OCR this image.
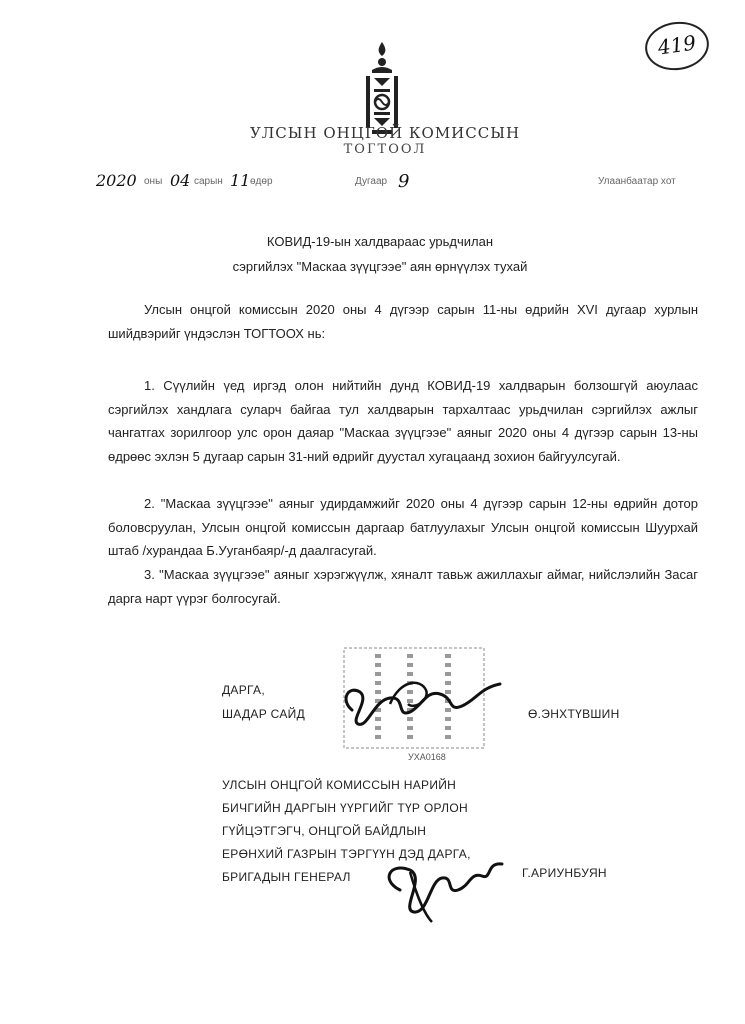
419
УЛСЫН ОНЦГОЙ КОМИССЫН
ТОГТООЛ
2020 оны 04 сарын 11 өдөр	Дугаар 9	Улаанбаатар хот
КОВИД-19-ын халдвараас урьдчилан
сэргийлэх "Маскаа зүүцгээе" аян өрнүүлэх тухай
Улсын онцгой комиссын 2020 оны 4 дүгээр сарын 11-ны өдрийн XVI дугаар хурлын шийдвэрийг үндэслэн ТОГТООХ нь:
1. Сүүлийн үед иргэд олон нийтийн дунд КОВИД-19 халдварын болзошгүй аюулаас сэргийлэх хандлага суларч байгаа тул халдварын тархалтаас урьдчилан сэргийлэх ажлыг чангатгах зорилгоор улс орон даяар "Маскаа зүүцгээе" аяныг 2020 оны 4 дүгээр сарын 13-ны өдрөөс эхлэн 5 дугаар сарын 31-ний өдрийг дуустал хугацаанд зохион байгуулсугай.
2. "Маскаа зүүцгээе" аяныг удирдамжийг 2020 оны 4 дүгээр сарын 12-ны өдрийн дотор боловсруулан, Улсын онцгой комиссын даргаар батлуулахыг Улсын онцгой комиссын Шуурхай штаб /хурандаа Б.Ууганбаяр/-д даалгасугай.
3. "Маскаа зүүцгээе" аяныг хэрэгжүүлж, хяналт тавьж ажиллахыг аймаг, нийслэлийн Засаг дарга нарт үүрэг болгосугай.
ДАРГА,
ШАДАР САЙД	Ө.ЭНХТҮВШИН
УХА0168
УЛСЫН ОНЦГОЙ КОМИССЫН НАРИЙН
БИЧГИЙН ДАРГЫН ҮҮРГИЙГ ТҮР ОРЛОН
ГҮЙЦЭТГЭГЧ, ОНЦГОЙ БАЙДЛЫН
ЕРӨНХИЙ ГАЗРЫН ТЭРГҮҮН ДЭД ДАРГА,
БРИГАДЫН ГЕНЕРАЛ	Г.АРИУНБУЯН
